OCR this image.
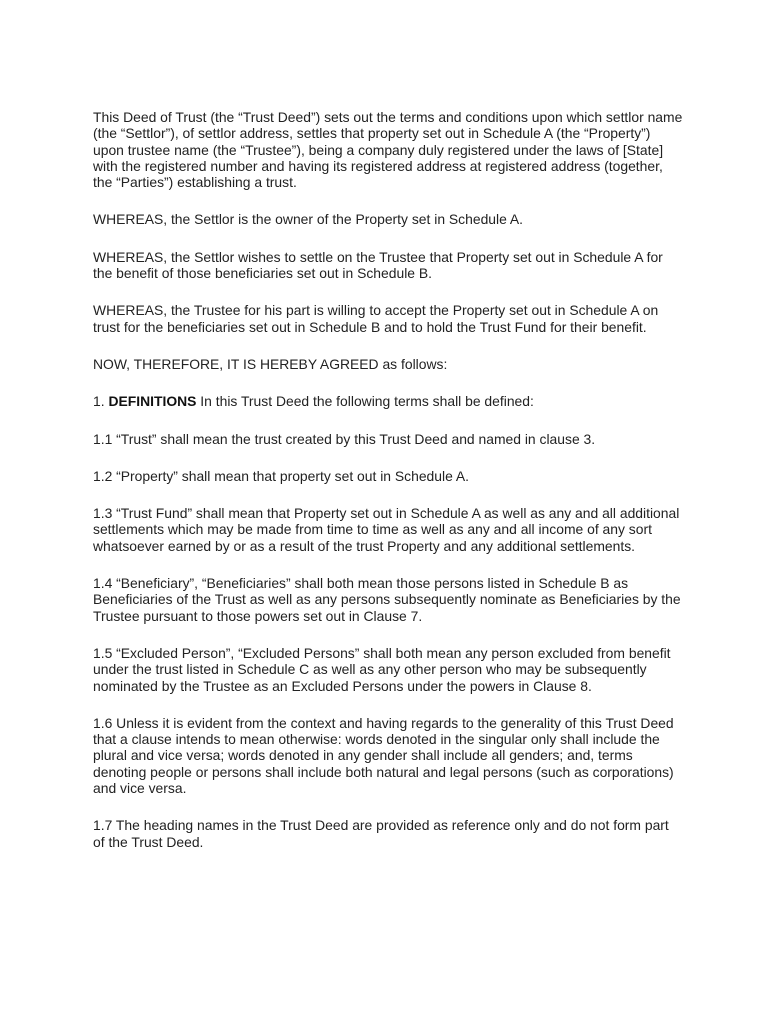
This Deed of Trust (the “Trust Deed”) sets out the terms and conditions upon which settlor name (the “Settlor”), of settlor address, settles that property set out in Schedule A (the “Property”) upon trustee name (the “Trustee”), being a company duly registered under the laws of [State] with the registered number and having its registered address at registered address (together, the “Parties”) establishing a trust.

WHEREAS, the Settlor is the owner of the Property set in Schedule A.

WHEREAS, the Settlor wishes to settle on the Trustee that Property set out in Schedule A for the benefit of those beneficiaries set out in Schedule B.

WHEREAS, the Trustee for his part is willing to accept the Property set out in Schedule A on trust for the beneficiaries set out in Schedule B and to hold the Trust Fund for their benefit.

NOW, THEREFORE, IT IS HEREBY AGREED as follows:

1. DEFINITIONS In this Trust Deed the following terms shall be defined:

1.1 “Trust” shall mean the trust created by this Trust Deed and named in clause 3.

1.2 “Property” shall mean that property set out in Schedule A.

1.3 “Trust Fund” shall mean that Property set out in Schedule A as well as any and all additional settlements which may be made from time to time as well as any and all income of any sort whatsoever earned by or as a result of the trust Property and any additional settlements.

1.4 “Beneficiary”, “Beneficiaries” shall both mean those persons listed in Schedule B as Beneficiaries of the Trust as well as any persons subsequently nominate as Beneficiaries by the Trustee pursuant to those powers set out in Clause 7.

1.5 “Excluded Person”, “Excluded Persons” shall both mean any person excluded from benefit under the trust listed in Schedule C as well as any other person who may be subsequently nominated by the Trustee as an Excluded Persons under the powers in Clause 8.

1.6 Unless it is evident from the context and having regards to the generality of this Trust Deed that a clause intends to mean otherwise: words denoted in the singular only shall include the plural and vice versa; words denoted in any gender shall include all genders; and, terms denoting people or persons shall include both natural and legal persons (such as corporations) and vice versa.

1.7 The heading names in the Trust Deed are provided as reference only and do not form part of the Trust Deed.
